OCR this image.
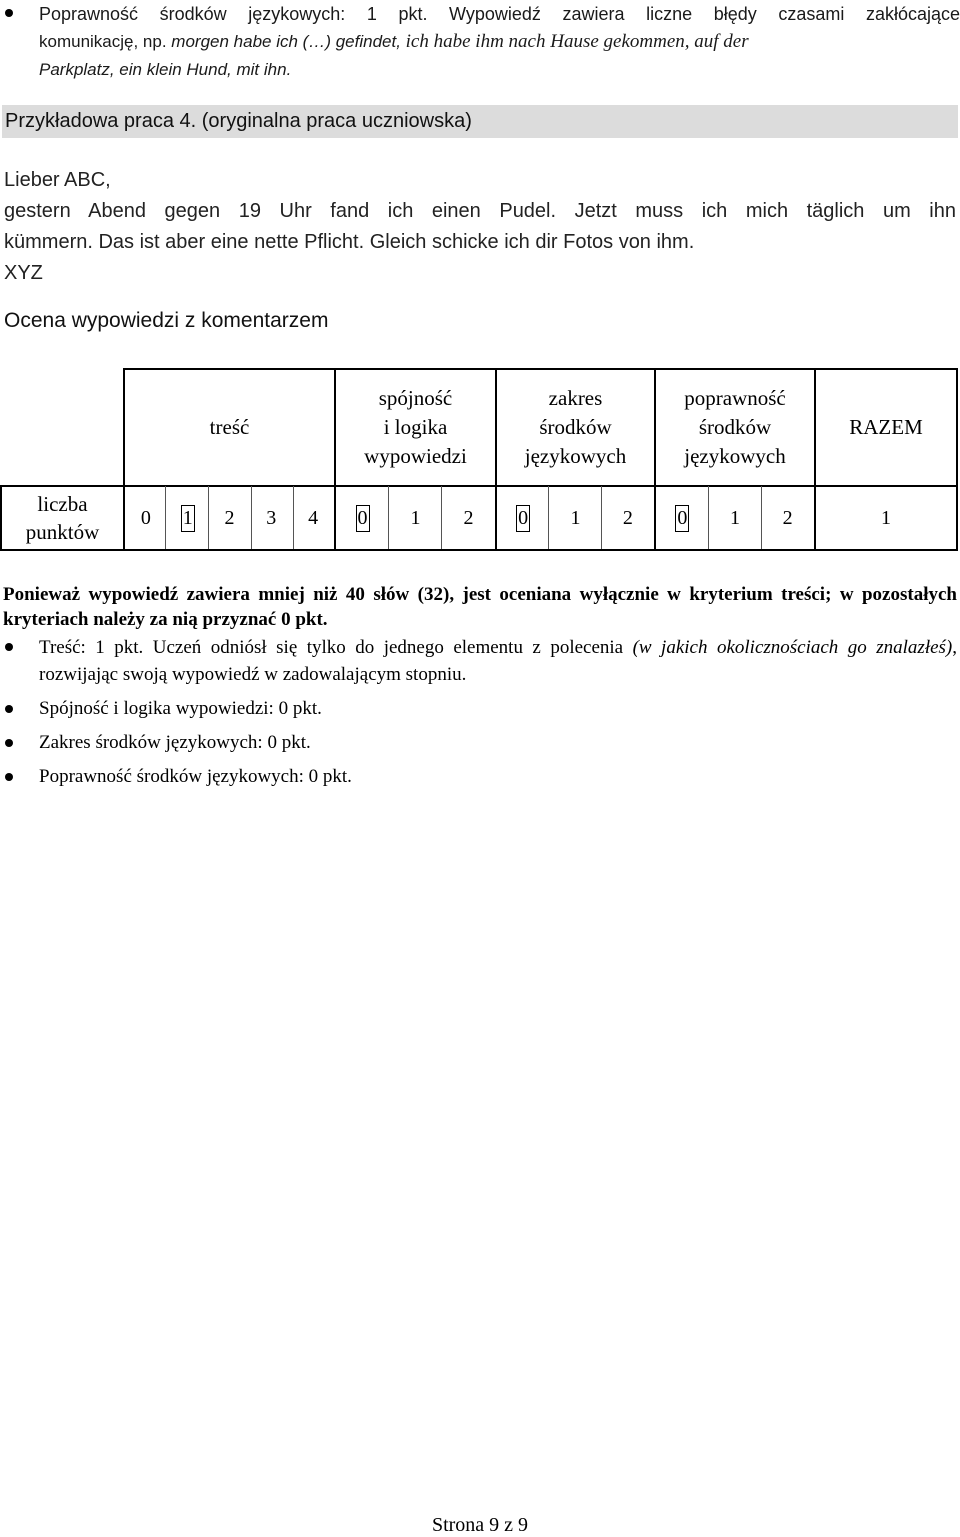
Poprawność środków językowych: 1 pkt. Wypowiedź zawiera liczne błędy czasami zakłócające
komunikację, np. morgen habe ich (…) gefindet, ich habe ihm nach Hause gekommen, auf der
Parkplatz, ein klein Hund, mit ihn.
Przykładowa praca 4. (oryginalna praca uczniowska)
Lieber ABC,
gestern Abend gegen 19 Uhr fand ich einen Pudel. Jetzt muss ich mich täglich um ihn
kümmern. Das ist aber eine nette Pflicht. Gleich schicke ich dir Fotos von ihm.
XYZ
Ocena wypowiedzi z komentarzem
treść
spójność
i logika
wypowiedzi
zakres
środków
językowych
poprawność
środków
językowych
RAZEM
liczba
punktów
0 1 2 3 4 0 1 2 0 1 2 0 1 2	1
Ponieważ wypowiedź zawiera mniej niż 40 słów (32), jest oceniana wyłącznie w kryterium treści; w pozostałych kryteriach należy za nią przyznać 0 pkt.
Treść: 1 pkt. Uczeń odniósł się tylko do jednego elementu z polecenia (w jakich okolicznościach go znalazłeś), rozwijając swoją wypowiedź w zadowalającym stopniu.
Spójność i logika wypowiedzi: 0 pkt.
Zakres środków językowych: 0 pkt.
Poprawność środków językowych: 0 pkt.
Strona 9 z 9
